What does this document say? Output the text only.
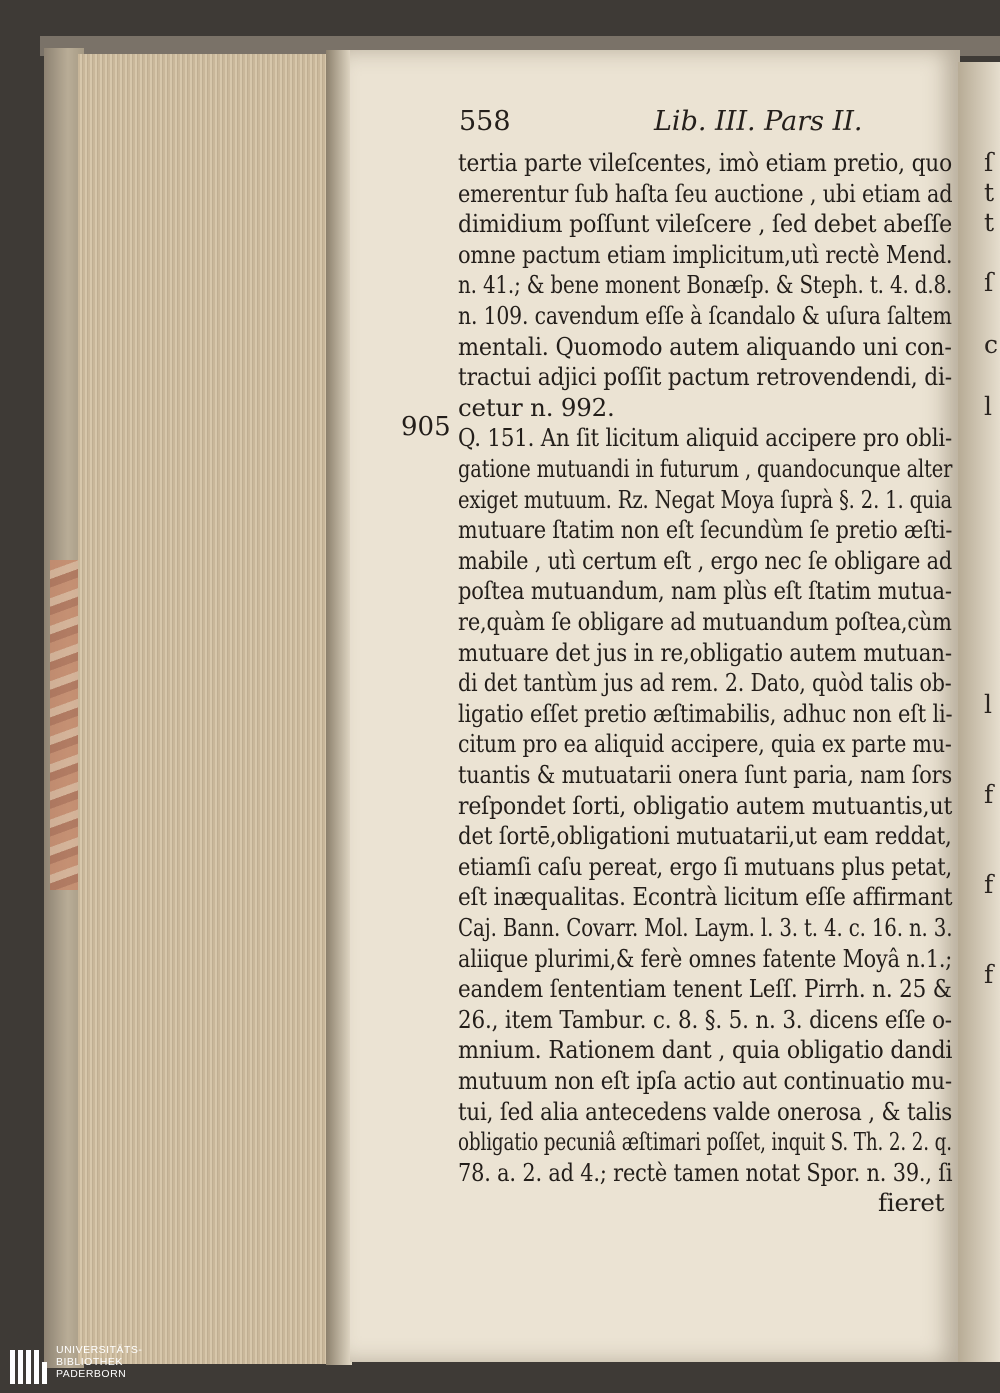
558	Lib. III. Pars II.
905
tertia parte vileſcentes, imò etiam pretio, quo
emerentur ſub haſta ſeu auctione , ubi etiam ad
dimidium poſſunt vileſcere , ſed debet abeſſe
omne pactum etiam implicitum,utì rectè Mend.
n. 41.; & bene monent Bonæſp. & Steph. t. 4. d.8.
n. 109. cavendum eſſe à ſcandalo & uſura ſaltem
mentali. Quomodo autem aliquando uni con-
tractui adjici poſſit pactum retrovendendi, di-
cetur n. 992.
Q. 151. An ſit licitum aliquid accipere pro obli-
gatione mutuandi in futurum , quandocunque alter
exiget mutuum. Rz. Negat Moya ſuprà §. 2. 1. quia
mutuare ſtatim non eſt ſecundùm ſe pretio æſti-
mabile , utì certum eſt , ergo nec ſe obligare ad
poſtea mutuandum, nam plùs eſt ſtatim mutua-
re,quàm ſe obligare ad mutuandum poſtea,cùm
mutuare det jus in re,obligatio autem mutuan-
di det tantùm jus ad rem. 2. Dato, quòd talis ob-
ligatio eſſet pretio æſtimabilis, adhuc non eſt li-
citum pro ea aliquid accipere, quia ex parte mu-
tuantis & mutuatarii onera ſunt paria, nam ſors
reſpondet ſorti, obligatio autem mutuantis,ut
det ſortē,obligationi mutuatarii,ut eam reddat,
etiamſi caſu pereat, ergo ſi mutuans plus petat,
eſt inæqualitas. Econtrà licitum eſſe affirmant
Caj. Bann. Covarr. Mol. Laym. l. 3. t. 4. c. 16. n. 3.
aliique plurimi,& ferè omnes fatente Moyâ n.1.;
eandem ſententiam tenent Leſſ. Pirrh. n. 25 &
26., item Tambur. c. 8. §. 5. n. 3. dicens eſſe o-
mnium. Rationem dant , quia obligatio dandi
mutuum non eſt ipſa actio aut continuatio mu-
tui, ſed alia antecedens valde onerosa , & talis
obligatio pecuniâ æſtimari poſſet, inquit S. Th. 2. 2. q.
78. a. 2. ad 4.; rectè tamen notat Spor. n. 39., ſi
fieret
ſ
t
t
ſ
c
l
l
f
f
f
UNIVERSITÄTS-
BIBLIOTHEK
PADERBORN
